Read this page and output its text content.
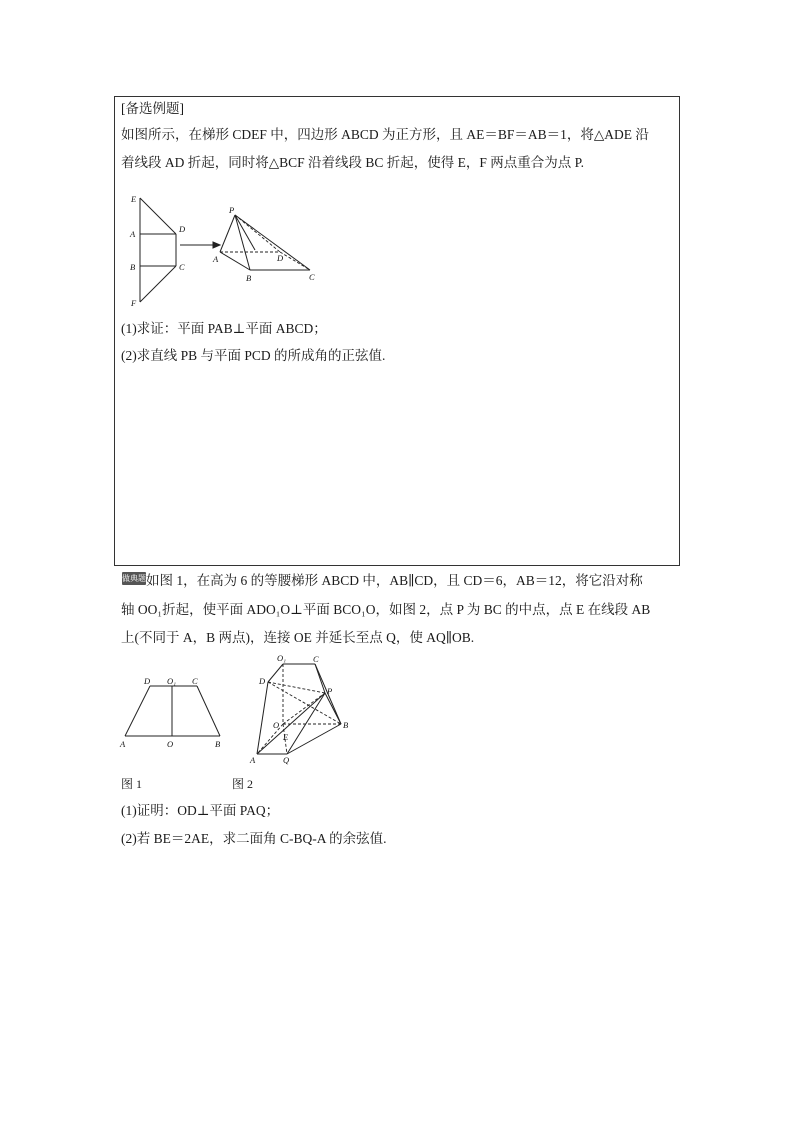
[备选例题]
如图所示，在梯形 CDEF 中，四边形 ABCD 为正方形，且 AE＝BF＝AB＝1，将△ADE 沿
着线段 AD 折起，同时将△BCF 沿着线段 BC 折起，使得 E，F 两点重合为点 P.
E
A
B
F
D
C
P
A
B
D
C
(1)求证：平面 PAB⊥平面 ABCD；
(2)求直线 PB 与平面 PCD 的所成角的正弦值.
做典题 如图 1，在高为 6 的等腰梯形 ABCD 中，AB∥CD，且 CD＝6，AB＝12，将它沿对称
轴 OO₁折起，使平面 ADO₁O⊥平面 BCO₁O，如图 2，点 P 为 BC 的中点，点 E 在线段 AB
上(不同于 A，B 两点)，连接 OE 并延长至点 Q，使 AQ∥OB.
D O₁ C
A	O	B
O₁	C
D
P
O
E
B
A	Q
图 1	图 2
(1)证明：OD⊥平面 PAQ；
(2)若 BE＝2AE，求二面角 C-BQ-A 的余弦值.
